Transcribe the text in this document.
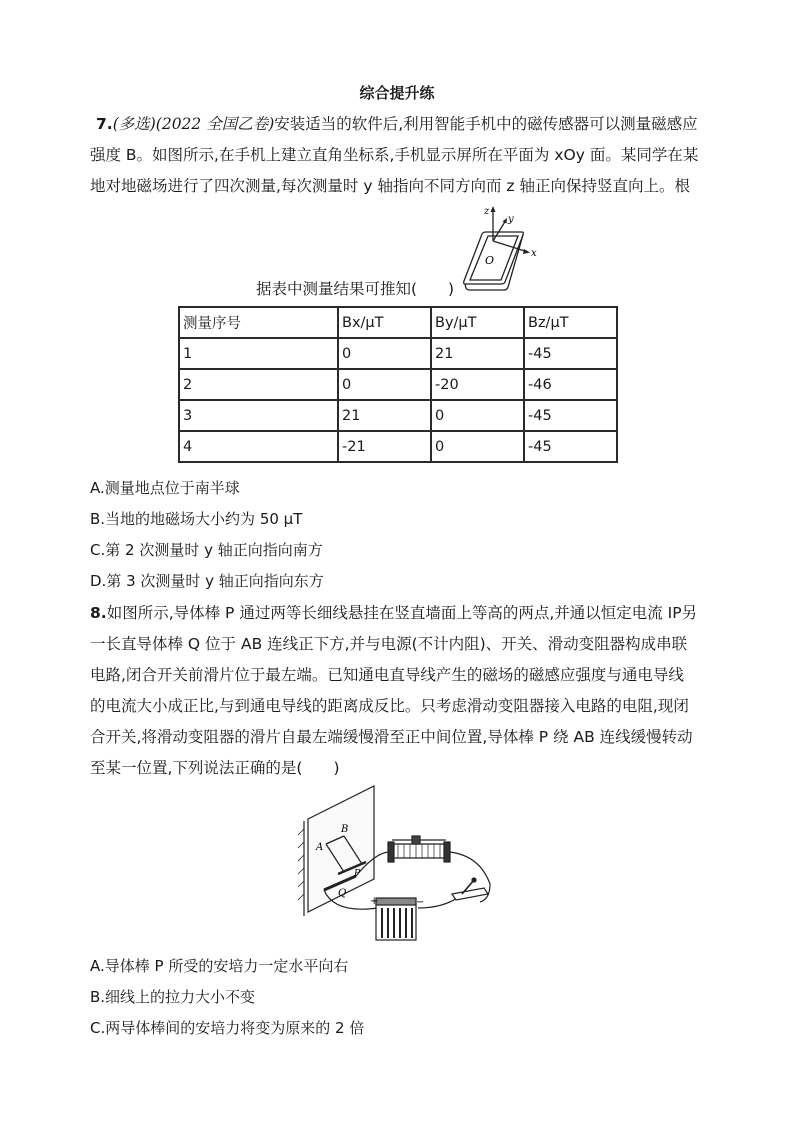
综合提升练
7.(多选)(2022 全国乙卷)安装适当的软件后,利用智能手机中的磁传感器可以测量磁感应
强度 B。如图所示,在手机上建立直角坐标系,手机显示屏所在平面为 xOy 面。某同学在某
地对地磁场进行了四次测量,每次测量时 y 轴指向不同方向而 z 轴正向保持竖直向上。根
z
y
x
O
据表中测量结果可推知(　　)
测量序号	Bx/μT	By/μT	Bz/μT
1	0	21	-45
2	0	-20	-46
3	21	0	-45
4	-21	0	-45
A.测量地点位于南半球
B.当地的地磁场大小约为 50 μT
C.第 2 次测量时 y 轴正向指向南方
D.第 3 次测量时 y 轴正向指向东方
8.如图所示,导体棒 P 通过两等长细线悬挂在竖直墙面上等高的两点,并通以恒定电流 IP另
一长直导体棒 Q 位于 AB 连线正下方,并与电源(不计内阻)、开关、滑动变阻器构成串联
电路,闭合开关前滑片位于最左端。已知通电直导线产生的磁场的磁感应强度与通电导线
的电流大小成正比,与到通电导线的距离成反比。只考虑滑动变阻器接入电路的电阻,现闭
合开关,将滑动变阻器的滑片自最左端缓慢滑至正中间位置,导体棒 P 绕 AB 连线缓慢转动
至某一位置,下列说法正确的是(　　)
A
B
P
Q
+	−
A.导体棒 P 所受的安培力一定水平向右
B.细线上的拉力大小不变
C.两导体棒间的安培力将变为原来的 2 倍
